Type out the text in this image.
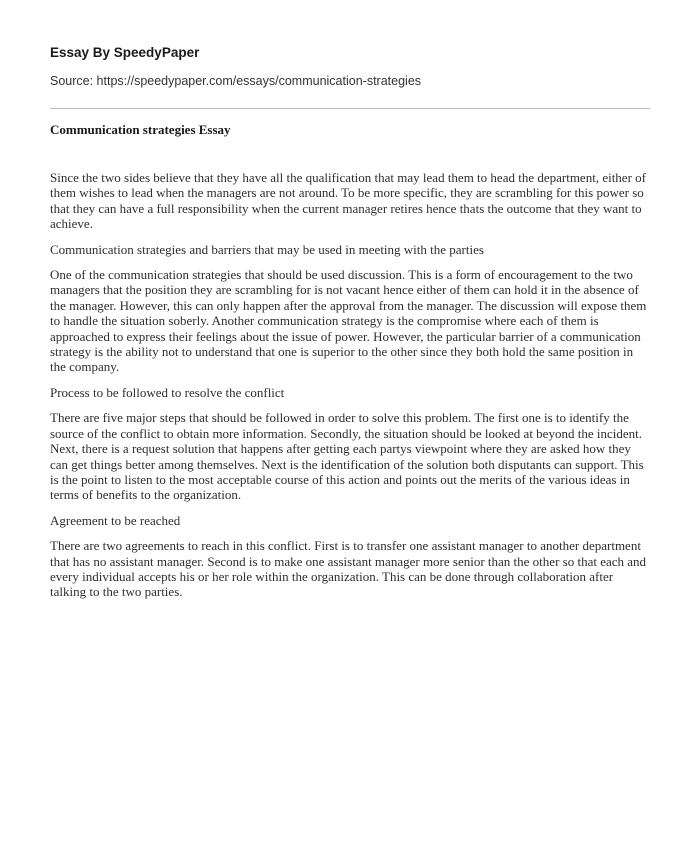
Essay By SpeedyPaper

Source: https://speedypaper.com/essays/communication-strategies

Communication strategies Essay

Since the two sides believe that they have all the qualification that may lead them to head the department, either of them wishes to lead when the managers are not around. To be more specific, they are scrambling for this power so that they can have a full responsibility when the current manager retires hence thats the outcome that they want to achieve.

Communication strategies and barriers that may be used in meeting with the parties

One of the communication strategies that should be used discussion. This is a form of encouragement to the two managers that the position they are scrambling for is not vacant hence either of them can hold it in the absence of the manager. However, this can only happen after the approval from the manager. The discussion will expose them to handle the situation soberly. Another communication strategy is the compromise where each of them is approached to express their feelings about the issue of power. However, the particular barrier of a communication strategy is the ability not to understand that one is superior to the other since they both hold the same position in the company.

Process to be followed to resolve the conflict

There are five major steps that should be followed in order to solve this problem. The first one is to identify the source of the conflict to obtain more information. Secondly, the situation should be looked at beyond the incident. Next, there is a request solution that happens after getting each partys viewpoint where they are asked how they can get things better among themselves. Next is the identification of the solution both disputants can support. This is the point to listen to the most acceptable course of this action and points out the merits of the various ideas in terms of benefits to the organization.

Agreement to be reached

There are two agreements to reach in this conflict. First is to transfer one assistant manager to another department that has no assistant manager. Second is to make one assistant manager more senior than the other so that each and every individual accepts his or her role within the organization. This can be done through collaboration after talking to the two parties.
